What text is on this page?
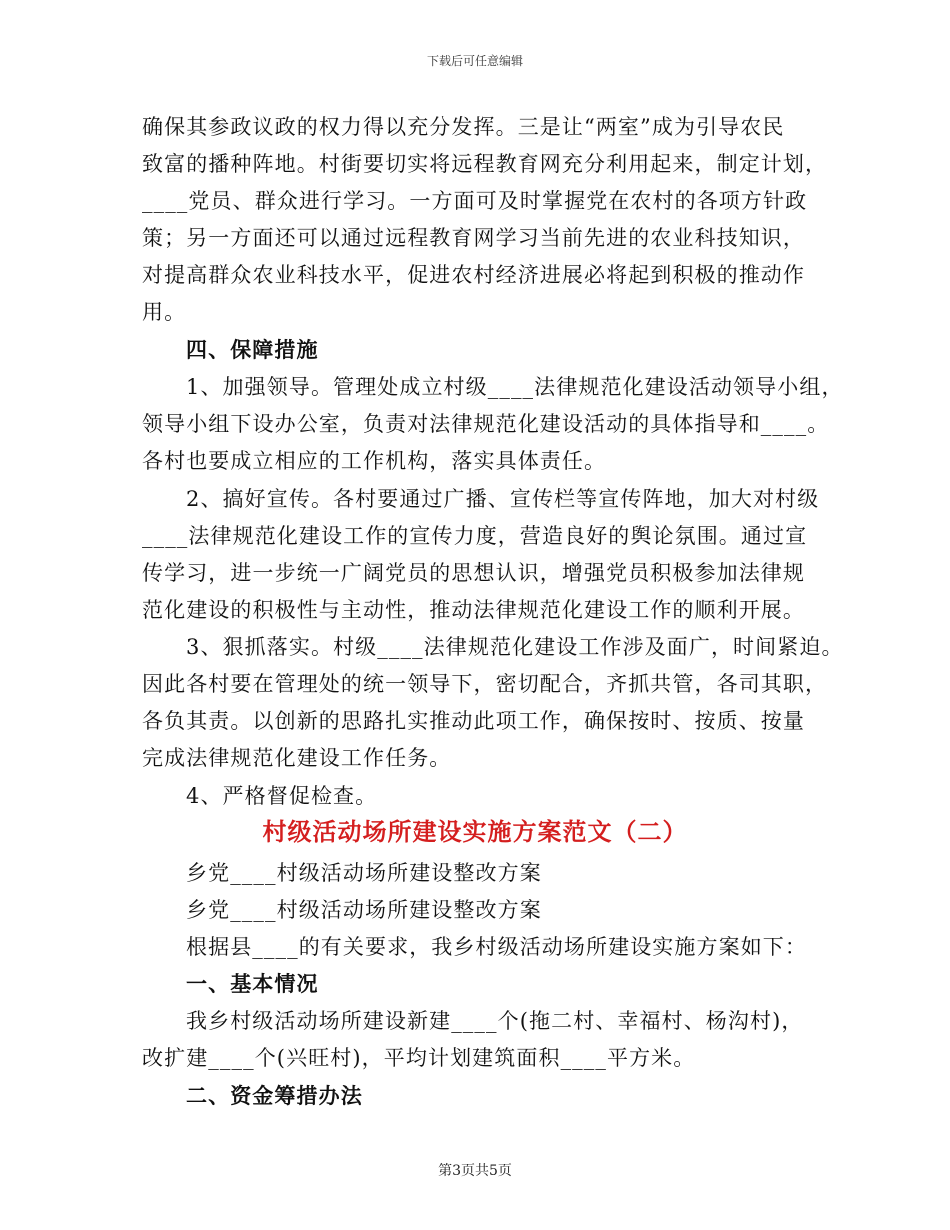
下载后可任意编辑
确保其参政议政的权力得以充分发挥。三是让“两室”成为引导农民
致富的播种阵地。村街要切实将远程教育网充分利用起来，制定计划，
____党员、群众进行学习。一方面可及时掌握党在农村的各项方针政
策；另一方面还可以通过远程教育网学习当前先进的农业科技知识，
对提高群众农业科技水平，促进农村经济进展必将起到积极的推动作
用。
四、保障措施
1、加强领导。管理处成立村级____法律规范化建设活动领导小组，
领导小组下设办公室，负责对法律规范化建设活动的具体指导和____。
各村也要成立相应的工作机构，落实具体责任。
2、搞好宣传。各村要通过广播、宣传栏等宣传阵地，加大对村级
____法律规范化建设工作的宣传力度，营造良好的舆论氛围。通过宣
传学习，进一步统一广阔党员的思想认识，增强党员积极参加法律规
范化建设的积极性与主动性，推动法律规范化建设工作的顺利开展。
3、狠抓落实。村级____法律规范化建设工作涉及面广，时间紧迫。
因此各村要在管理处的统一领导下，密切配合，齐抓共管，各司其职，
各负其责。以创新的思路扎实推动此项工作，确保按时、按质、按量
完成法律规范化建设工作任务。
4、严格督促检查。
村级活动场所建设实施方案范文（二）
乡党____村级活动场所建设整改方案
乡党____村级活动场所建设整改方案
根据县____的有关要求，我乡村级活动场所建设实施方案如下：
一、基本情况
我乡村级活动场所建设新建____个(拖二村、幸福村、杨沟村)，
改扩建____个(兴旺村)，平均计划建筑面积____平方米。
二、资金筹措办法
第3页共5页
